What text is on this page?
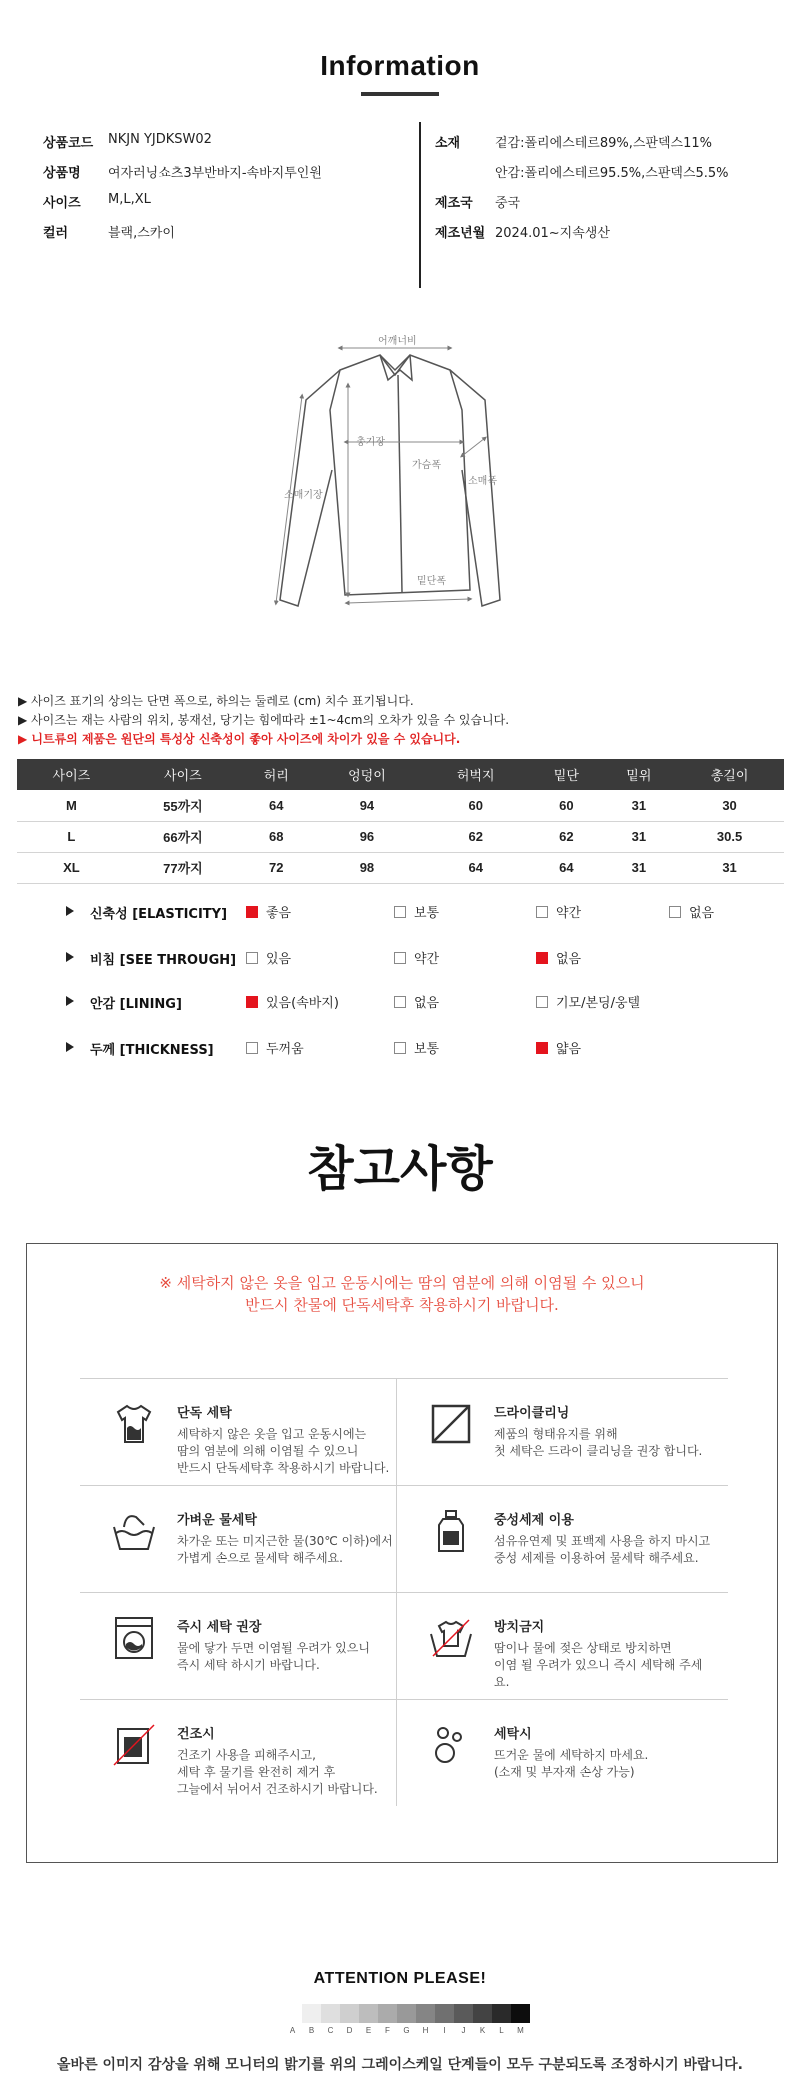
Information
상품코드	NKJN YJDKSW02
상품명	여자러닝쇼츠3부반바지-속바지투인원
사이즈	M,L,XL
컬러	블랙,스카이
소재	겉감:폴리에스테르89%,스판덱스11%
안감:폴리에스테르95.5%,스판덱스5.5%
제조국	중국
제조년월 2024.01~지속생산
어깨너비
총기장
가슴폭
소매폭
소매기장
밑단폭
▶ 사이즈 표기의 상의는 단면 폭으로, 하의는 둘레로 (cm) 치수 표기됩니다.
▶ 사이즈는 재는 사람의 위치, 봉재선, 당기는 힘에따라 ±1~4cm의 오차가 있을 수 있습니다.
▶ 니트류의 제품은 원단의 특성상 신축성이 좋아 사이즈에 차이가 있을 수 있습니다.
사이즈	사이즈	허리	엉덩이	허벅지	밑단	밑위	총길이
M	55까지	64	94	60	60	31	30
L	66까지	68	96	62	62	31	30.5
XL	77까지	72	98	64	64	31	31
신축성 [ELASTICITY]	좋음	보통	약간	없음
비침 [SEE THROUGH] 있음	약간	없음
안감 [LINING]	있음(속바지)	없음	기모/본딩/웅텔
두께 [THICKNESS]	두꺼움	보통	얇음
참고사항
※ 세탁하지 않은 옷을 입고 운동시에는 땀의 염분에 의해 이염될 수 있으니
반드시 찬물에 단독세탁후 착용하시기 바랍니다.
단독 세탁
세탁하지 않은 옷을 입고 운동시에는
땀의 염분에 의해 이염될 수 있으니
반드시 단독세탁후 착용하시기 바랍니다.
드라이클리닝
제품의 형태유지를 위해
첫 세탁은 드라이 클리닝을 권장 합니다.
가벼운 물세탁
차가운 또는 미지근한 물(30℃ 이하)에서
가볍게 손으로 물세탁 해주세요.
중성세제 이용
섬유유연제 및 표백제 사용을 하지 마시고
중성 세제를 이용하여 물세탁 해주세요.
즉시 세탁 권장
물에 닿가 두면 이염될 우려가 있으니
즉시 세탁 하시기 바랍니다.
방치금지
땀이나 물에 젖은 상태로 방치하면
이염 될 우려가 있으니 즉시 세탁해 주세요.
건조시
건조기 사용을 피해주시고,
세탁 후 물기를 완전히 제거 후
그늘에서 뉘어서 건조하시기 바랍니다.
세탁시
뜨거운 물에 세탁하지 마세요.
(소재 및 부자재 손상 가능)
ATTENTION PLEASE!
A	B	C	D	E	F	G	H	I	J	K	L	M
올바른 이미지 감상을 위해 모니터의 밝기를 위의 그레이스케일 단계들이 모두 구분되도록 조정하시기 바랍니다.
